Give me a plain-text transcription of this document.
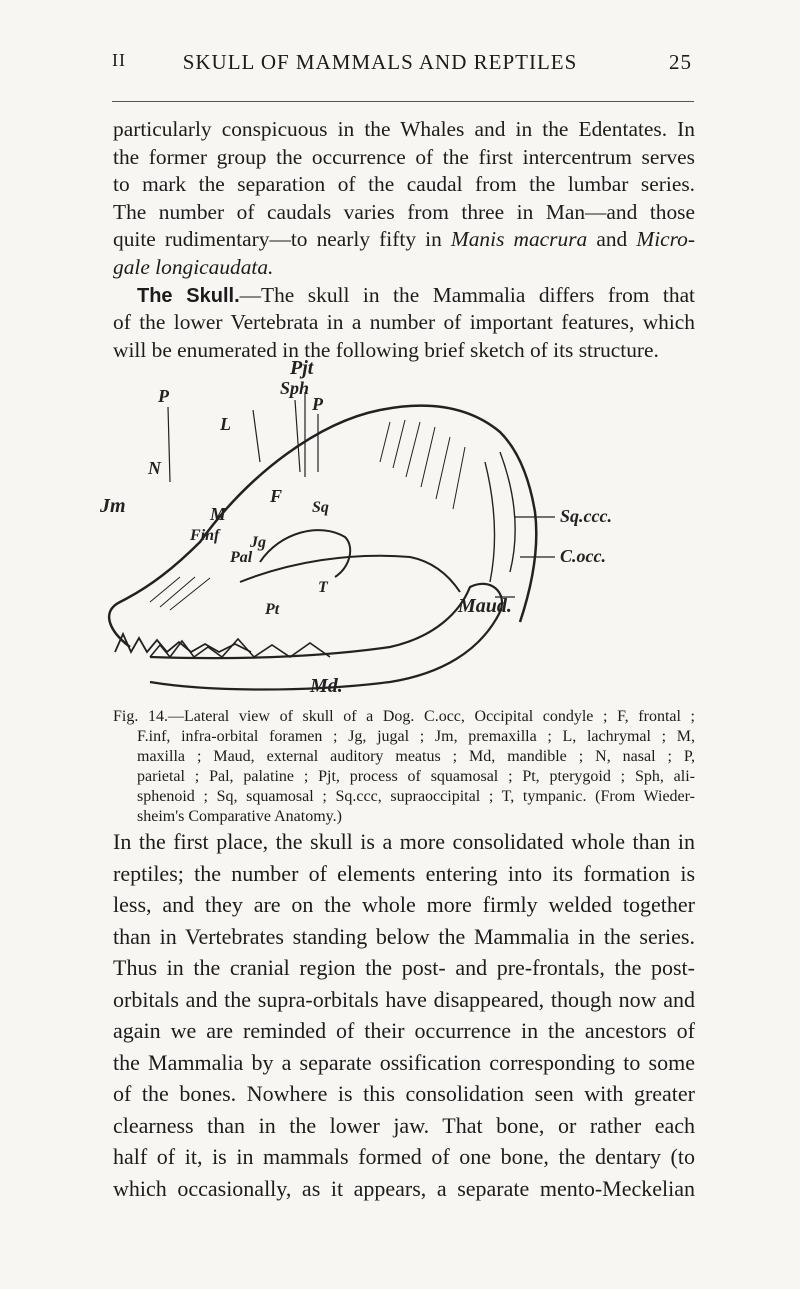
II	SKULL OF MAMMALS AND REPTILES	25
particularly conspicuous in the Whales and in the Edentates. In
the former group the occurrence of the first intercentrum serves
to mark the separation of the caudal from the lumbar series.
The number of caudals varies from three in Man—and those
quite rudimentary—to nearly fifty in Manis macrura and Micro-
gale longicaudata.
The Skull.—The skull in the Mammalia differs from that
of the lower Vertebrata in a number of important features, which
will be enumerated in the following brief sketch of its structure.
Pjt
Sph
P	P
L
N
Jm	F
M
Finf Jg
Pal
Sq
T
Sq.ccc.
C.occ.
Pt	Maud.
Md.
Fig. 14.—Lateral view of skull of a Dog. C.occ, Occipital condyle ; F, frontal ;
F.inf, infra-orbital foramen ; Jg, jugal ; Jm, premaxilla ; L, lachrymal ; M,
maxilla ; Maud, external auditory meatus ; Md, mandible ; N, nasal ; P,
parietal ; Pal, palatine ; Pjt, process of squamosal ; Pt, pterygoid ; Sph, ali-
sphenoid ; Sq, squamosal ; Sq.ccc, supraoccipital ; T, tympanic. (From Wieder-
sheim's Comparative Anatomy.)
In the first place, the skull is a more consolidated whole than in
reptiles; the number of elements entering into its formation is
less, and they are on the whole more firmly welded together
than in Vertebrates standing below the Mammalia in the series.
Thus in the cranial region the post- and pre-frontals, the post-
orbitals and the supra-orbitals have disappeared, though now and
again we are reminded of their occurrence in the ancestors of
the Mammalia by a separate ossification corresponding to some
of the bones. Nowhere is this consolidation seen with greater
clearness than in the lower jaw. That bone, or rather each
half of it, is in mammals formed of one bone, the dentary (to
which occasionally, as it appears, a separate mento-Meckelian
